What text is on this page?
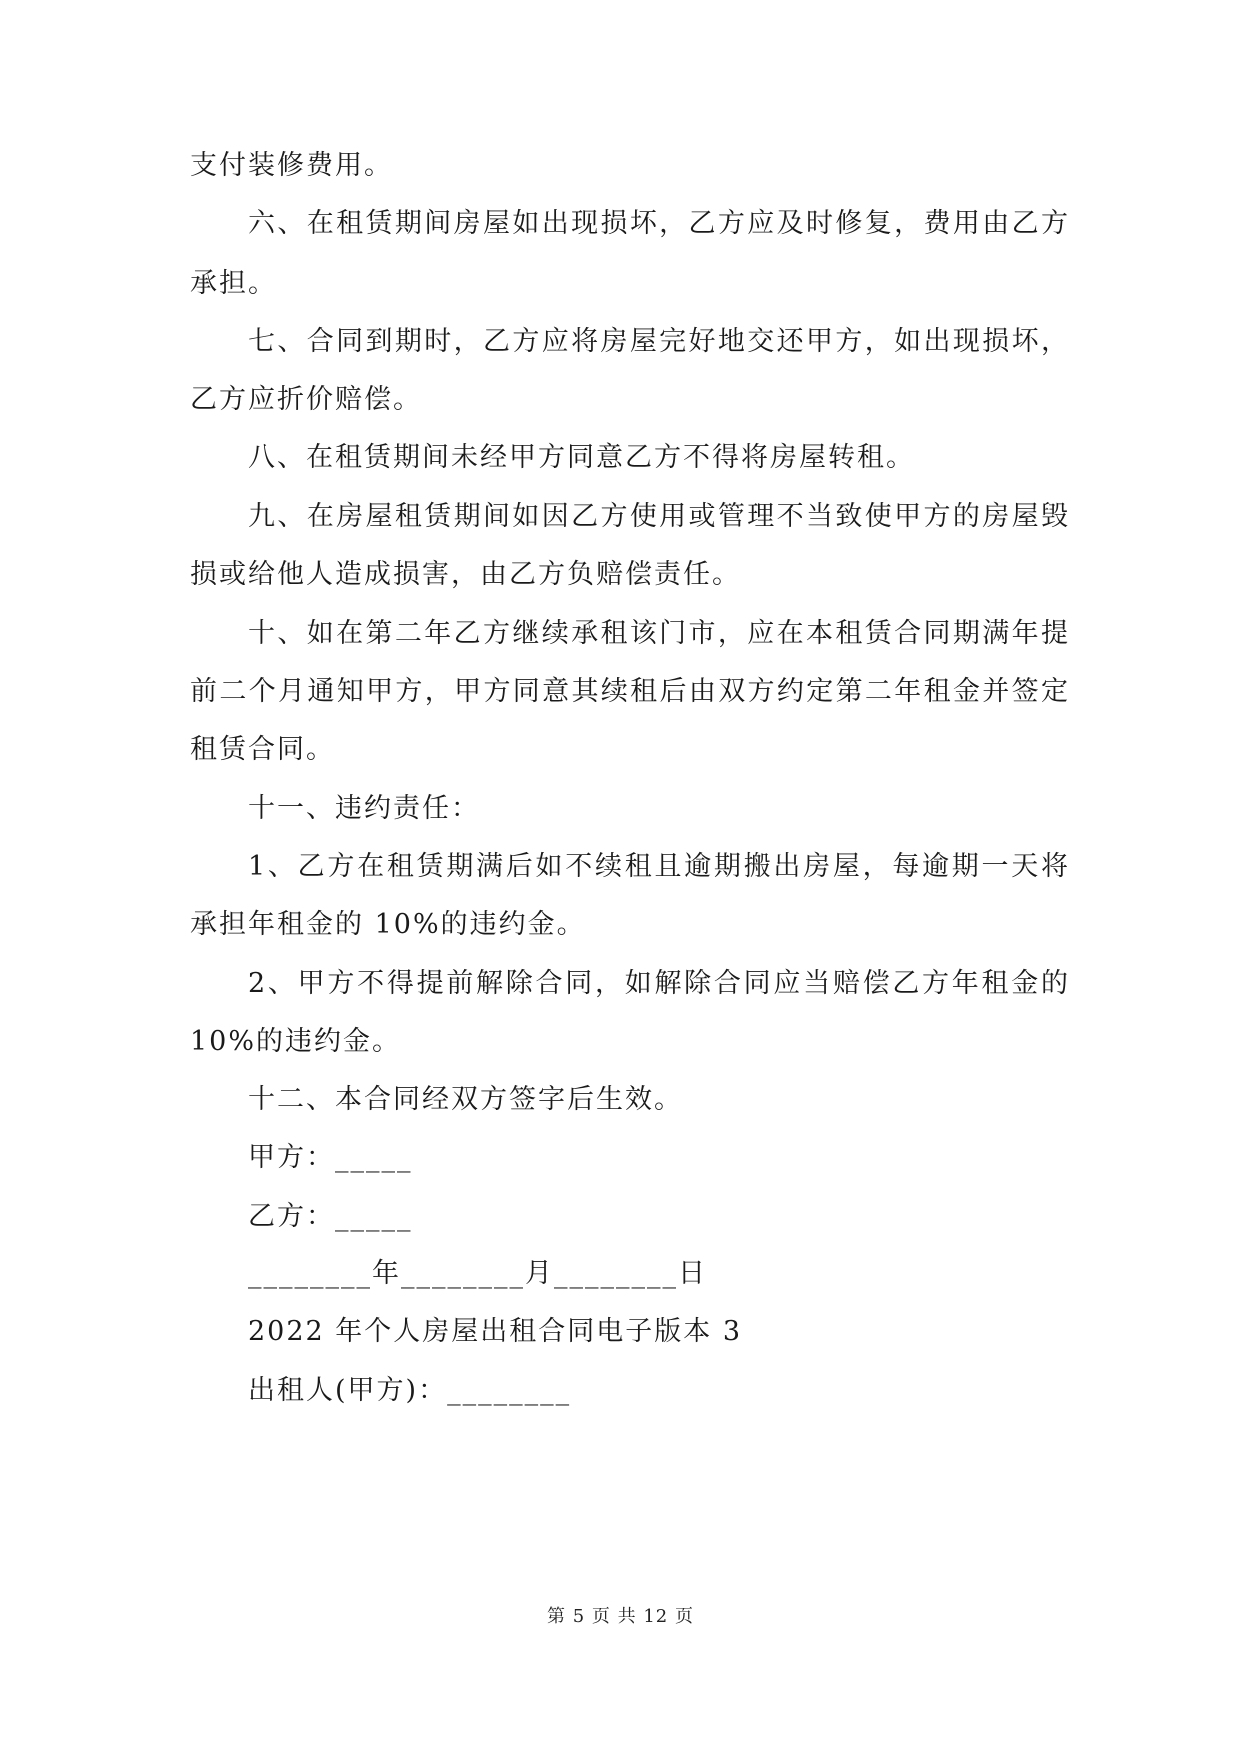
支付装修费用。
六、在租赁期间房屋如出现损坏，乙方应及时修复，费用由乙方
承担。
七、合同到期时，乙方应将房屋完好地交还甲方，如出现损坏，
乙方应折价赔偿。
八、在租赁期间未经甲方同意乙方不得将房屋转租。
九、在房屋租赁期间如因乙方使用或管理不当致使甲方的房屋毁
损或给他人造成损害，由乙方负赔偿责任。
十、如在第二年乙方继续承租该门市，应在本租赁合同期满年提
前二个月通知甲方，甲方同意其续租后由双方约定第二年租金并签定
租赁合同。
十一、违约责任：
1、乙方在租赁期满后如不续租且逾期搬出房屋，每逾期一天将
承担年租金的 10%的违约金。
2、甲方不得提前解除合同，如解除合同应当赔偿乙方年租金的
10%的违约金。
十二、本合同经双方签字后生效。
甲方：_____
乙方：_____
________年________月________日
2022 年个人房屋出租合同电子版本 3
出租人(甲方)：________
第 5 页 共 12 页
